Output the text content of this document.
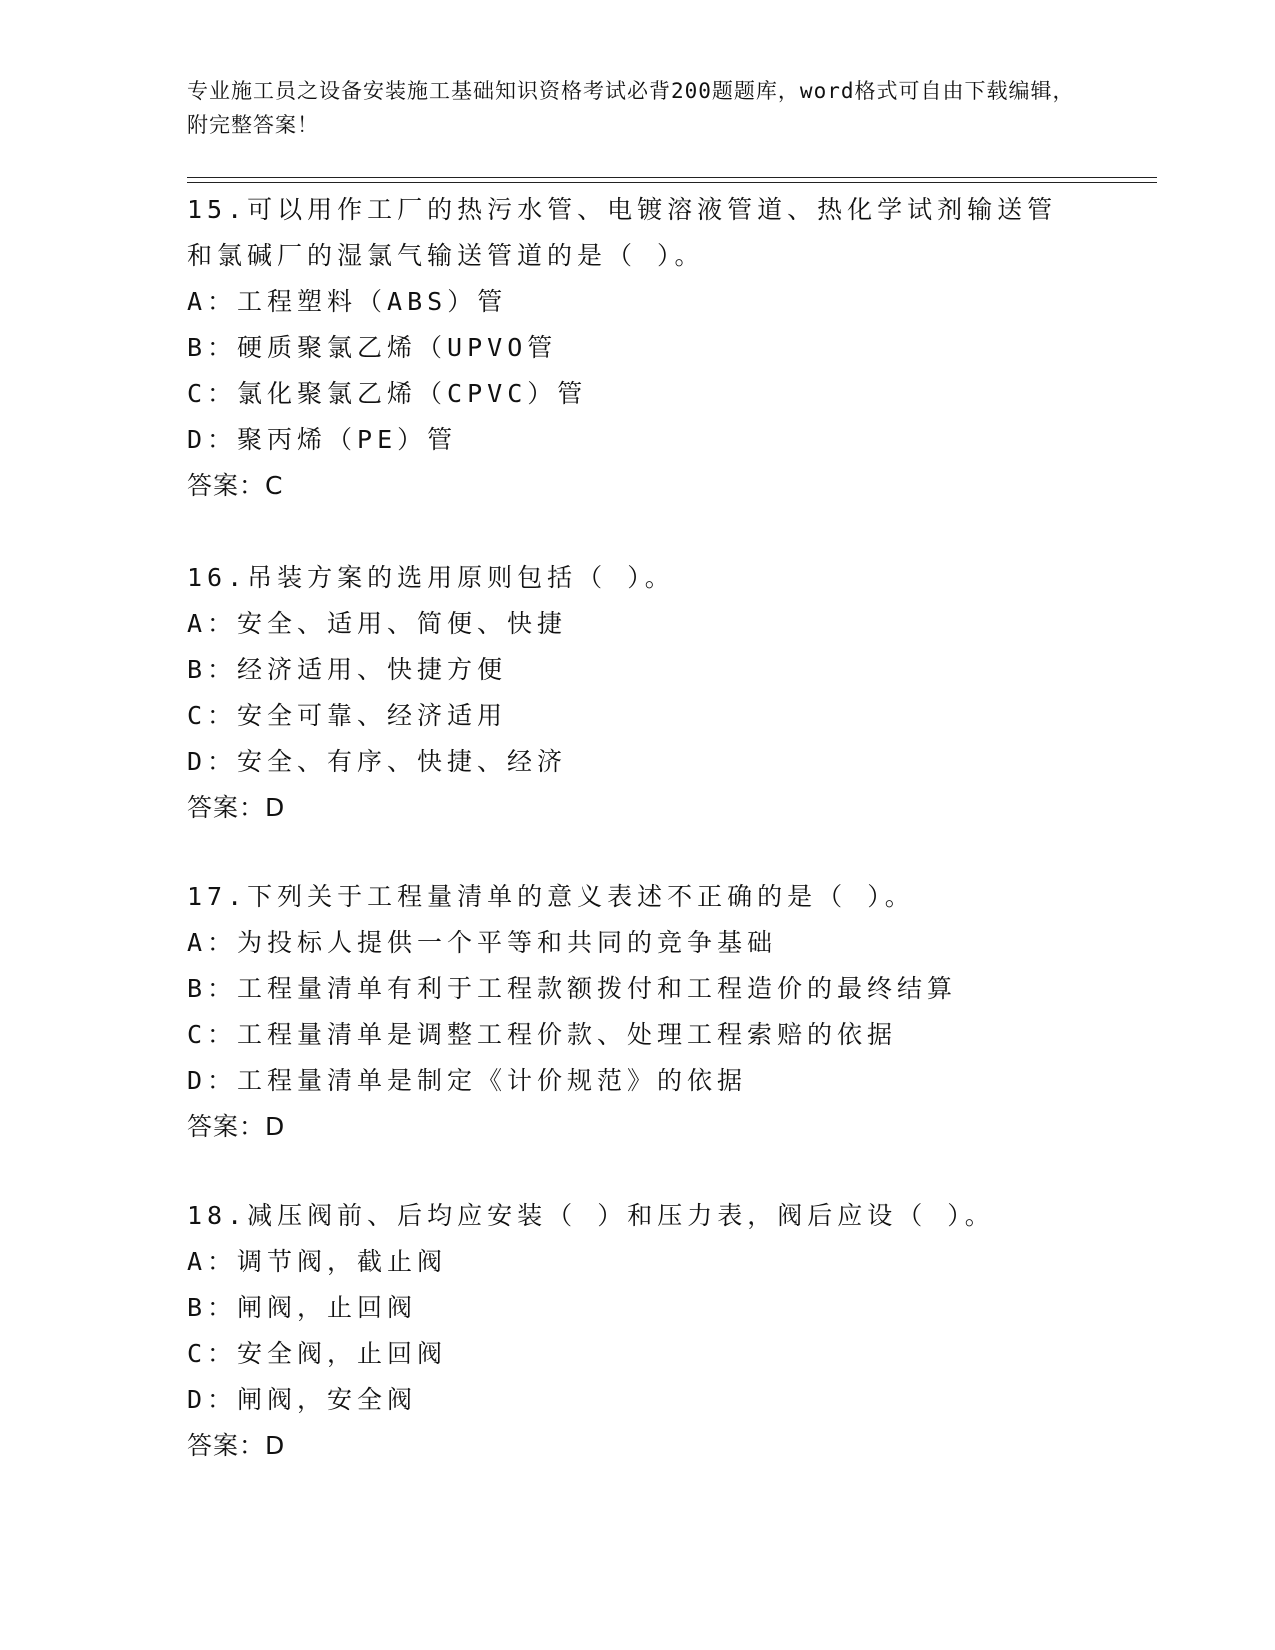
专业施工员之设备安装施工基础知识资格考试必背200题题库，word格式可自由下载编辑，附完整答案！
15.可以用作工厂的热污水管、电镀溶液管道、热化学试剂输送管和氯碱厂的湿氯气输送管道的是（ ）。
A：工程塑料（ABS）管
B：硬质聚氯乙烯（UPVO管
C：氯化聚氯乙烯（CPVC）管
D：聚丙烯（PE）管
答案：C
16.吊装方案的选用原则包括（ ）。
A：安全、适用、简便、快捷
B：经济适用、快捷方便
C：安全可靠、经济适用
D：安全、有序、快捷、经济
答案：D
17.下列关于工程量清单的意义表述不正确的是（ ）。
A：为投标人提供一个平等和共同的竞争基础
B：工程量清单有利于工程款额拨付和工程造价的最终结算
C：工程量清单是调整工程价款、处理工程索赔的依据
D：工程量清单是制定《计价规范》的依据
答案：D
18.减压阀前、后均应安装（ ）和压力表，阀后应设（ ）。
A：调节阀，截止阀
B：闸阀，止回阀
C：安全阀，止回阀
D：闸阀，安全阀
答案：D
